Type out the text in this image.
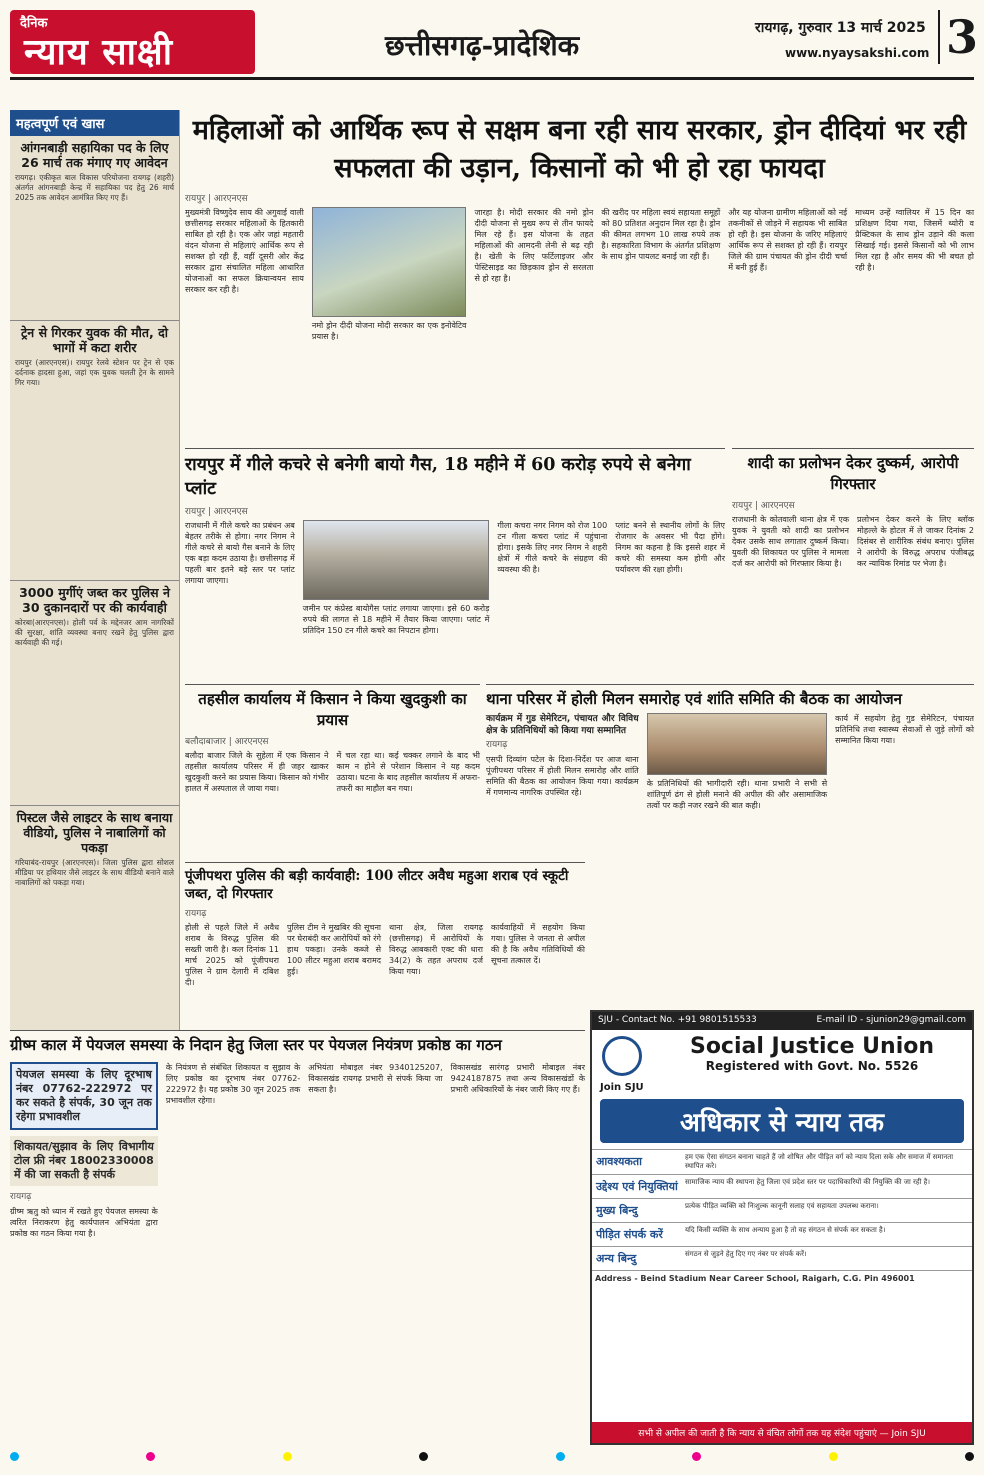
दैनिक
न्याय साक्षी	छत्तीसगढ़-प्रादेशिक
रायगढ़, गुरुवार 13 मार्च 2025
www.nyaysakshi.com 3
महत्वपूर्ण एवं खास
आंगनबाड़ी सहायिका पद के लिए 26 मार्च तक मंगाए गए आवेदन

रायगढ़। एकीकृत बाल विकास परियोजना रायगढ़ (शहरी) अंतर्गत आंगनबाड़ी केन्द्र में सहायिका पद हेतु 26 मार्च 2025 तक आवेदन आमंत्रित किए गए हैं।

ट्रेन से गिरकर युवक की मौत, दो भागों में कटा शरीर

रायपुर (आरएनएस)। रायपुर रेलवे स्टेशन पर ट्रेन से एक दर्दनाक हादसा हुआ, जहां एक युवक चलती ट्रेन के सामने गिर गया।

3000 मुर्गीएं जब्त कर पुलिस ने 30 दुकानदारों पर की कार्यवाही

कोरबा(आरएनएस)। होली पर्व के मद्देनजर आम नागरिकों की सुरक्षा, शांति व्यवस्था बनाए रखने हेतु पुलिस द्वारा कार्यवाही की गई।

पिस्टल जैसे लाइटर के साथ बनाया वीडियो, पुलिस ने नाबालिगों को पकड़ा

गरियाबंद-रायपुर (आरएनएस)। जिला पुलिस द्वारा सोशल मीडिया पर हथियार जैसे लाइटर के साथ वीडियो बनाने वाले नाबालिगों को पकड़ा गया।

महिलाओं को आर्थिक रूप से सक्षम बना रही साय सरकार, ड्रोन दीदियां भर रही सफलता की उड़ान, किसानों को भी हो रहा फायदा
रायपुर | आरएनएस
मुख्यमंत्री विष्णुदेव साय की अगुवाई वाली छत्तीसगढ़ सरकार महिलाओं के हितकारी साबित हो रही है। एक ओर जहां महतारी वंदन योजना से महिलाएं आर्थिक रूप से सशक्त हो रही हैं, वहीं दूसरी ओर केंद्र सरकार द्वारा संचालित महिला आधारित योजनाओं का सफल क्रियान्वयन साय सरकार कर रही है।
नमो ड्रोन दीदी योजना मोदी सरकार का एक इनोवेटिव प्रयास है।
जारहा है। मोदी सरकार की नमो ड्रोन दीदी योजना से मुख्य रूप से तीन फायदे मिल रहे हैं। इस योजना के तहत महिलाओं की आमदनी लेनी से बढ़ रही है। खेती के लिए फर्टिलाइजर और पेस्टिसाइड का छिड़काव ड्रोन से सरलता से हो रहा है।
की खरीद पर महिला स्वयं सहायता समूहों को 80 प्रतिशत अनुदान मिल रहा है। ड्रोन की कीमत लगभग 10 लाख रुपये तक है। सहकारिता विभाग के अंतर्गत प्रशिक्षण के साथ ड्रोन पायलट बनाई जा रही हैं।
और यह योजना ग्रामीण महिलाओं को नई तकनीकों से जोड़ने में सहायक भी साबित हो रही है। इस योजना के जरिए महिलाएं आर्थिक रूप से सशक्त हो रही हैं। रायपुर जिले की ग्राम पंचायत की ड्रोन दीदी चर्चा में बनी हुई हैं।
माध्यम उन्हें ग्वालियर में 15 दिन का प्रशिक्षण दिया गया, जिसमें थ्योरी व प्रैक्टिकल के साथ ड्रोन उड़ाने की कला सिखाई गई। इससे किसानों को भी लाभ मिल रहा है और समय की भी बचत हो रही है।
रायपुर में गीले कचरे से बनेगी बायो गैस, 18 महीने में 60 करोड़ रुपये से बनेगा प्लांट
रायपुर | आरएनएस
राजधानी में गीले कचरे का प्रबंधन अब बेहतर तरीके से होगा। नगर निगम ने गीले कचरे से बायो गैस बनाने के लिए एक बड़ा कदम उठाया है। छत्तीसगढ़ में पहली बार इतने बड़े स्तर पर प्लांट लगाया जाएगा।
जमीन पर कंप्रेस्ड बायोगैस प्लांट लगाया जाएगा। इसे 60 करोड़ रुपये की लागत से 18 महीने में तैयार किया जाएगा। प्लांट में प्रतिदिन 150 टन गीले कचरे का निपटान होगा।
गीला कचरा नगर निगम को रोज 100 टन गीला कचरा प्लांट में पहुंचाना होगा। इसके लिए नगर निगम ने शहरी क्षेत्रों में गीले कचरे के संग्रहण की व्यवस्था की है।
प्लांट बनने से स्थानीय लोगों के लिए रोजगार के अवसर भी पैदा होंगे। निगम का कहना है कि इससे शहर में कचरे की समस्या कम होगी और पर्यावरण की रक्षा होगी।
शादी का प्रलोभन देकर दुष्कर्म, आरोपी गिरफ्तार
रायपुर | आरएनएस
राजधानी के कोतवाली थाना क्षेत्र में एक युवक ने युवती को शादी का प्रलोभन देकर उसके साथ लगातार दुष्कर्म किया। युवती की शिकायत पर पुलिस ने मामला दर्ज कर आरोपी को गिरफ्तार किया है।
प्रलोभन देकर करने के लिए ब्लॉक मोहल्ले के होटल में ले जाकर दिनांक 2 दिसंबर से शारीरिक संबंध बनाए। पुलिस ने आरोपी के विरुद्ध अपराध पंजीबद्ध कर न्यायिक रिमांड पर भेजा है।
तहसील कार्यालय में किसान ने किया खुदकुशी का प्रयास
बलौदाबाजार | आरएनएस
बलौदा बाजार जिले के सुहेला में एक किसान ने तहसील कार्यालय परिसर में ही जहर खाकर खुदकुशी करने का प्रयास किया। किसान को गंभीर हालत में अस्पताल ले जाया गया।
में चल रहा था। कई चक्कर लगाने के बाद भी काम न होने से परेशान किसान ने यह कदम उठाया। घटना के बाद तहसील कार्यालय में अफरा-तफरी का माहौल बन गया।
थाना परिसर में होली मिलन समारोह एवं शांति समिति की बैठक का आयोजन
कार्यक्रम में गुड सेमेरिटन, पंचायत और विविध क्षेत्र के प्रतिनिधियों को किया गया सम्मानित
रायगढ़
एसपी दिव्यांग पटेल के दिशा-निर्देश पर आज थाना पूंजीपथरा परिसर में होली मिलन समारोह और शांति समिति की बैठक का आयोजन किया गया। कार्यक्रम में गणमान्य नागरिक उपस्थित रहे।
के प्रतिनिधियों की भागीदारी रही। थाना प्रभारी ने सभी से शांतिपूर्ण ढंग से होली मनाने की अपील की और असामाजिक तत्वों पर कड़ी नजर रखने की बात कही।
कार्य में सहयोग हेतु गुड सेमेरिटन, पंचायत प्रतिनिधि तथा स्वास्थ्य सेवाओं से जुड़े लोगों को सम्मानित किया गया।
पूंजीपथरा पुलिस की बड़ी कार्यवाही: 100 लीटर अवैध महुआ शराब एवं स्कूटी जब्त, दो गिरफ्तार
रायगढ़
होली से पहले जिले में अवैध शराब के विरुद्ध पुलिस की सख्ती जारी है। कल दिनांक 11 मार्च 2025 को पूंजीपथरा पुलिस ने ग्राम देलारी में दबिश दी।
पुलिस टीम ने मुखबिर की सूचना पर घेराबंदी कर आरोपियों को रंगे हाथ पकड़ा। उनके कब्जे से 100 लीटर महुआ शराब बरामद हुई।
थाना क्षेत्र, जिला रायगढ़ (छत्तीसगढ़) में आरोपियों के विरुद्ध आबकारी एक्ट की धारा 34(2) के तहत अपराध दर्ज किया गया।
कार्यवाहियों में सहयोग किया गया। पुलिस ने जनता से अपील की है कि अवैध गतिविधियों की सूचना तत्काल दें।
ग्रीष्म काल में पेयजल समस्या के निदान हेतु जिला स्तर पर पेयजल नियंत्रण प्रकोष्ठ का गठन
पेयजल समस्या के लिए दूरभाष नंबर 07762-222972 पर कर सकते है संपर्क, 30 जून तक रहेगा प्रभावशील
शिकायत/सुझाव के लिए विभागीय टोल फ्री नंबर 18002330008 में की जा सकती है संपर्क
रायगढ़
ग्रीष्म ऋतु को ध्यान में रखते हुए पेयजल समस्या के त्वरित निराकरण हेतु कार्यपालन अभियंता द्वारा प्रकोष्ठ का गठन किया गया है।
के नियंत्रण से संबंधित शिकायत व सुझाव के लिए प्रकोष्ठ का दूरभाष नंबर 07762-222972 है। यह प्रकोष्ठ 30 जून 2025 तक प्रभावशील रहेगा।
अभियंता मोबाइल नंबर 9340125207, विकासखंड रायगढ़ प्रभारी से संपर्क किया जा सकता है।
विकासखंड सारंगढ़ प्रभारी मोबाइल नंबर 9424187875 तथा अन्य विकासखंडों के प्रभारी अधिकारियों के नंबर जारी किए गए हैं।
SJU - Contact No. +91 9801515533	E-mail ID - sjunion29@gmail.com
Social Justice Union
Registered with Govt. No. 5526
Join SJU
अधिकार से न्याय तक
आवश्यकता	हम एक ऐसा संगठन बनाना चाहते हैं जो शोषित और पीड़ित वर्ग को न्याय दिला सके और समाज में समानता स्थापित करे।
उद्देश्य एवं नियुक्तियां	सामाजिक न्याय की स्थापना हेतु जिला एवं प्रदेश स्तर पर पदाधिकारियों की नियुक्ति की जा रही है।
मुख्य बिन्दु	प्रत्येक पीड़ित व्यक्ति को निःशुल्क कानूनी सलाह एवं सहायता उपलब्ध कराना।
पीड़ित संपर्क करें	यदि किसी व्यक्ति के साथ अन्याय हुआ है तो वह संगठन से संपर्क कर सकता है।
अन्य बिन्दु	संगठन से जुड़ने हेतु दिए गए नंबर पर संपर्क करें।
Address - Beind Stadium Near Career School, Raigarh, C.G. Pin 496001
सभी से अपील की जाती है कि न्याय से वंचित लोगों तक यह संदेश पहुंचाएं — Join SJU
